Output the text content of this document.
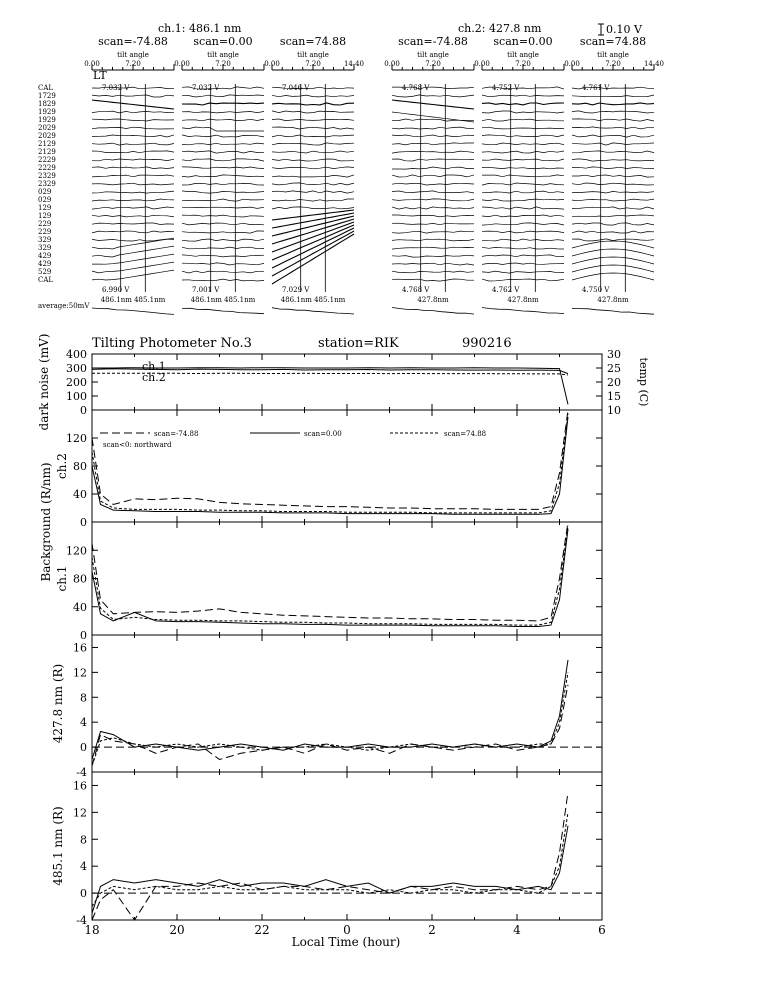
ch.1: 486.1 nm	ch.2: 427.8 nm	0.10 V
LT
CAL
1729
1829
1929
1929
2029
2029
2129
2129
2229
2229
2329
2329
029
029
129
129
229
229
329
329
429
429
529
CAL
scan=-74.88
tilt angle
0.00	7.20
7.032 V
6.990 V
486.1nm 485.1nm
scan=0.00
tilt angle
0.00	7.20
7.032 V
7.001 V
486.1nm 485.1nm
scan=74.88
tilt angle
0.00	7.20	14.40
7.046 V
7.029 V
486.1nm 485.1nm
scan=-74.88
tilt angle
0.00	7.20
4.768 V
4.768 V
427.8nm
scan=0.00
tilt angle
0.00	7.20
4.752 V
4.762 V
427.8nm
scan=74.88
tilt angle
0.00	7.20	14.40
4.761 V
4.750 V
427.8nm
average:50mV
Tilting Photometer No.3	station=RIK	990216
0
100
200
300
400
dark noise (mV)	temp (C)
10
15
20
25
30
ch.1
ch.2
0
40
80
120
ch.2
scan=-74.88	scan=0.00	scan=74.88
scan<0: northward
0
40
80
120
ch.1
-4
0
4
8
12
16
427.8 nm (R)
-4
0
4
8
12
16
485.1 nm (R)
18	20	22	0	2	4	6
Background (R/nm)
Local Time (hour)
